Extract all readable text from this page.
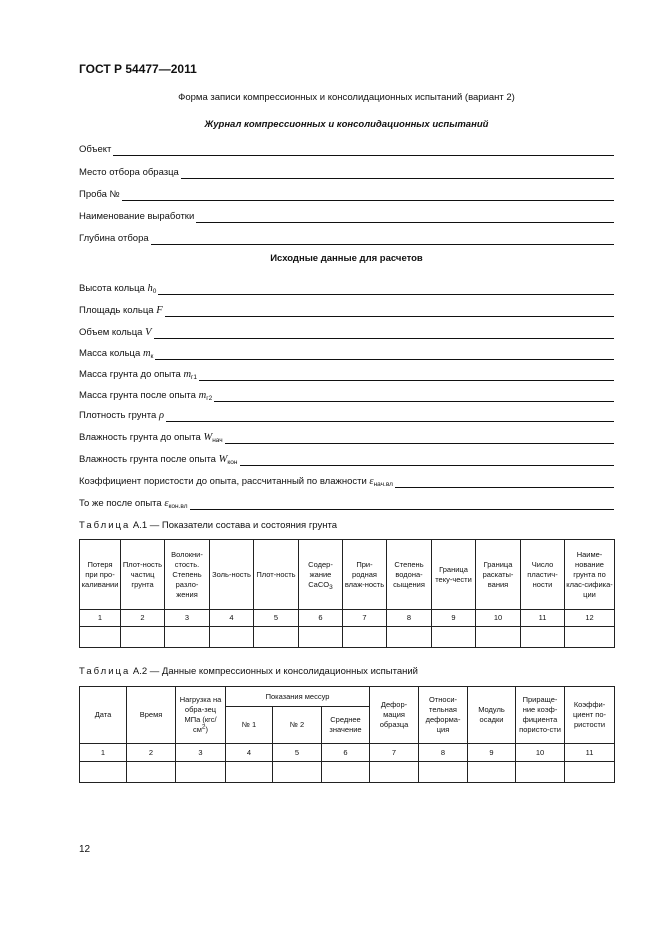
ГОСТ Р 54477—2011
Форма записи компрессионных и консолидационных испытаний (вариант 2)
Журнал компрессионных и консолидационных испытаний
Объект
Место отбора образца
Проба №
Наименование выработки
Глубина отбора
Исходные данные для расчетов
Высота кольца $h_0$
Площадь кольца F
Объем кольца V
Масса кольца $m_к$
Масса грунта до опыта $m_{г1}$
Масса грунта после опыта $m_{г2}$
Плотность грунта ρ
Влажность грунта до опыта $W_{нач}$
Влажность грунта после опыта $W_{кон}$
Коэффициент пористости до опыта, рассчитанный по влажности $\varepsilon_{нач.вл}$
То же после опыта $\varepsilon_{кон.вл}$
Таблица А.1 — Показатели состава и состояния грунта
Потеря при про-каливании	Плот-ность частиц грунта	Волокни-стость. Степень разло-жения	Золь-ность	Плот-ность	Содер-жание CaCO$_3$	При-родная влаж-ность	Степень водона-сыщения	Граница теку-чести	Граница раскаты-вания	Число пластич-ности	Наиме-нование грунта по клас-сифика-ции
1	2	3	4	5	6	7	8	9	10	11	12

Таблица А.2 — Данные компрессионных и консолидационных испытаний
Дата	Время	Нагрузка на обра-зец МПа $(кгс/см^2)$	Показания мессур			Дефор-мация образца	Относи-тельная деформа-ция	Модуль осадки	Прираще-ние коэф-фициента пористо-сти	Коэффи-циент по-ристости
			№ 1	№ 2	Среднее значение					
1	2	3	4	5	6	7	8	9	10	11

12
